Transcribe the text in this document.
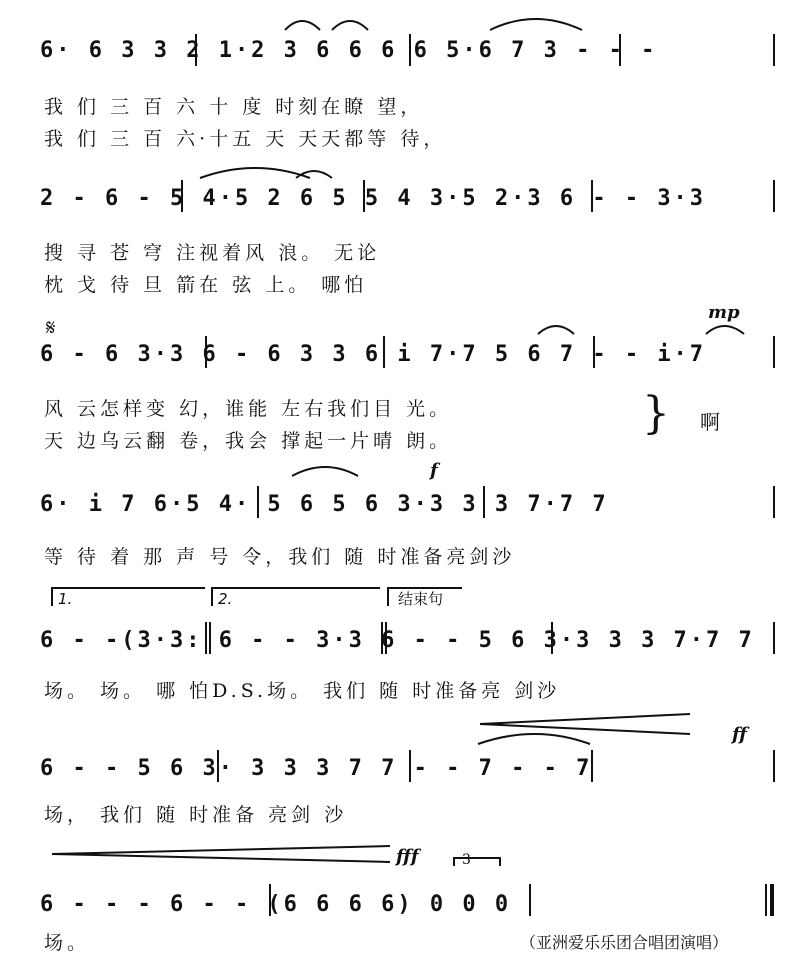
6· 6 3 3 2 1·2 3 6 6 6 6 5·6 7 3 - - -
我 们 三 百 六 十 度 时刻在瞭 望，
我 们 三 百 六·十五 天 天天都等 待，
2 - 6 - 5 4·5 2 6 5 5 4 3·5 2·3 6 - - 3·3
搜 寻 苍 穹 注视着风 浪。 无论
枕 戈 待 旦 箭在 弦 上。 哪怕
𝄋
mp
6 - 6 3·3 6 - 6 3 3 6 i 7·7 5 6 7 - - i·7
风 云怎样变 幻，谁能 左右我们目 光。
天 边乌云翻 卷，我会 撑起一片晴 朗。
} 啊
f
6· i 7 6·5 4· 5 6 5 6 3·3 3 3 7·7 7
等 待 着 那 声 号 令，我们 随 时准备亮剑沙
1.	2.	结束句
6 - -(3·3: 6 - - 3·3 6 - - 5 6 3·3 3 3 7·7 7
场。 场。 哪 怕D.S.场。 我们 随 时准备亮 剑沙
ff
6 - - 5 6 3· 3 3 3 7 7 - - 7 - - 7
场， 我们 随 时准备 亮剑 沙
fff	3
6 - - - 6 - - (6 6 6 6) 0 0 0
场。	（亚洲爱乐乐团合唱团演唱）
